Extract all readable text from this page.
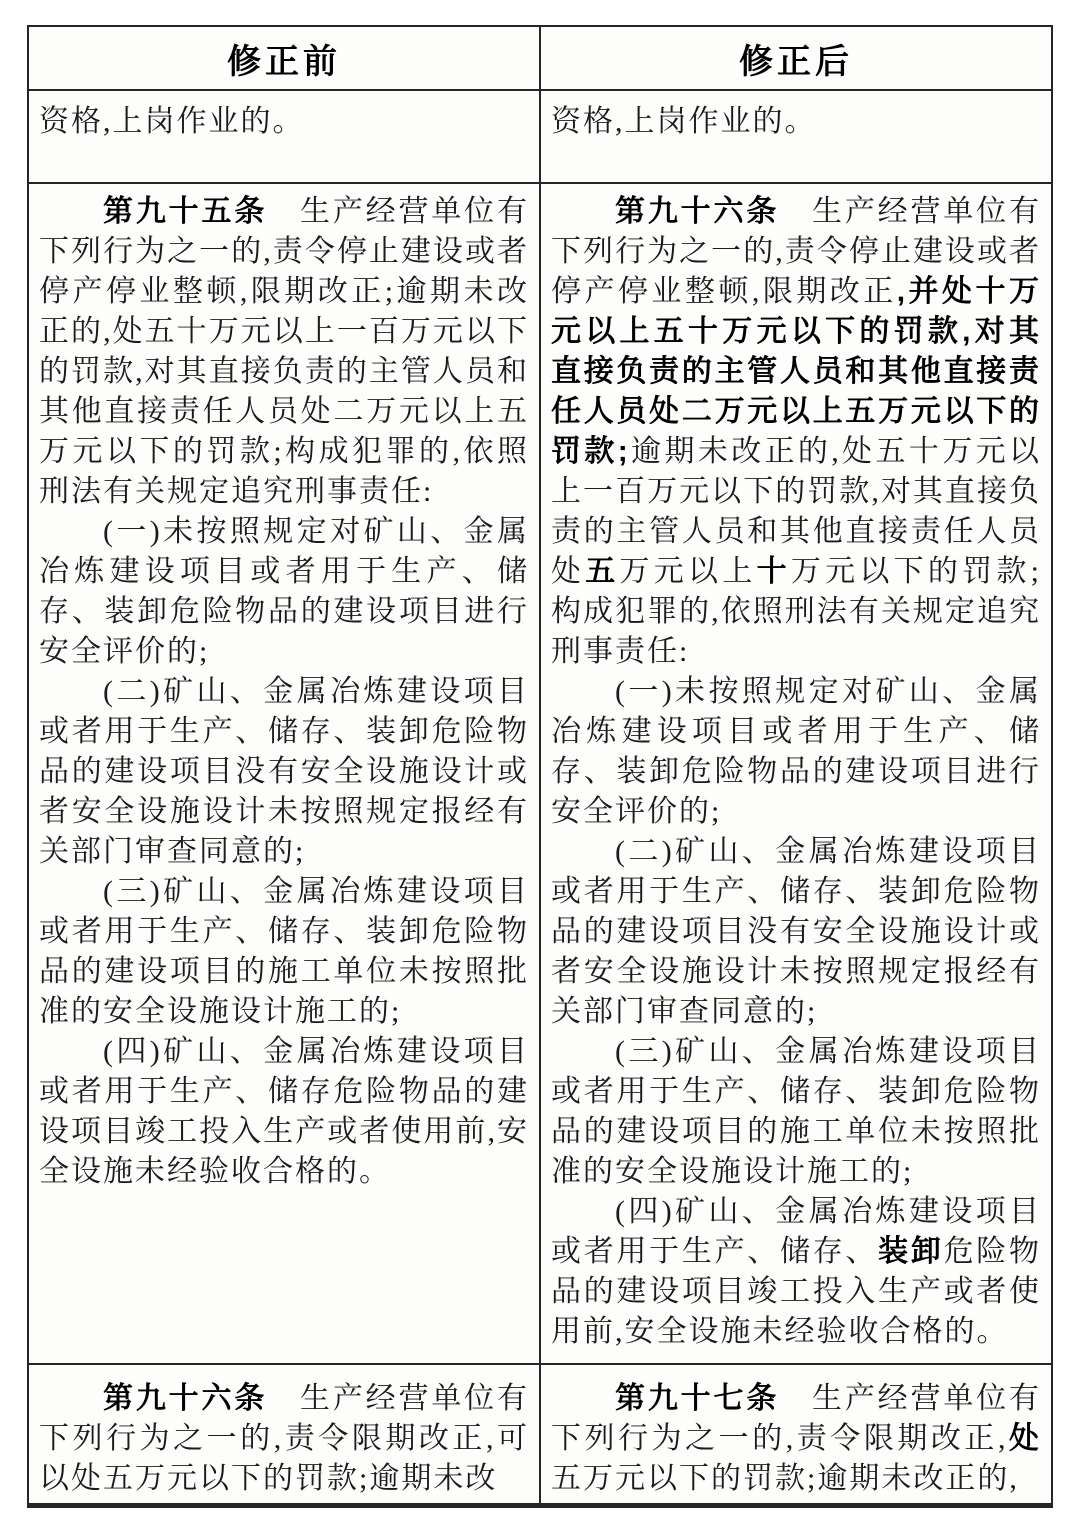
修正前	修正后

资格,上岗作业的。	资格,上岗作业的。

第九十五条　生产经营单位有下列行为之一的,责令停止建设或者停产停业整顿,限期改正;逾期未改正的,处五十万元以上一百万元以下的罚款,对其直接负责的主管人员和其他直接责任人员处二万元以上五万元以下的罚款;构成犯罪的,依照刑法有关规定追究刑事责任:

(一)未按照规定对矿山、金属冶炼建设项目或者用于生产、储存、装卸危险物品的建设项目进行安全评价的;

(二)矿山、金属冶炼建设项目或者用于生产、储存、装卸危险物品的建设项目没有安全设施设计或者安全设施设计未按照规定报经有关部门审查同意的;

(三)矿山、金属冶炼建设项目或者用于生产、储存、装卸危险物品的建设项目的施工单位未按照批准的安全设施设计施工的;

(四)矿山、金属冶炼建设项目或者用于生产、储存危险物品的建设项目竣工投入生产或者使用前,安全设施未经验收合格的。

第九十六条　生产经营单位有下列行为之一的,责令停止建设或者停产停业整顿,限期改正,并处十万元以上五十万元以下的罚款,对其直接负责的主管人员和其他直接责任人员处二万元以上五万元以下的罚款;逾期未改正的,处五十万元以上一百万元以下的罚款,对其直接负责的主管人员和其他直接责任人员处五万元以上十万元以下的罚款;构成犯罪的,依照刑法有关规定追究刑事责任:

(一)未按照规定对矿山、金属冶炼建设项目或者用于生产、储存、装卸危险物品的建设项目进行安全评价的;

(二)矿山、金属冶炼建设项目或者用于生产、储存、装卸危险物品的建设项目没有安全设施设计或者安全设施设计未按照规定报经有关部门审查同意的;

(三)矿山、金属冶炼建设项目或者用于生产、储存、装卸危险物品的建设项目的施工单位未按照批准的安全设施设计施工的;

(四)矿山、金属冶炼建设项目或者用于生产、储存、装卸危险物品的建设项目竣工投入生产或者使用前,安全设施未经验收合格的。

第九十六条　生产经营单位有下列行为之一的,责令限期改正,可以处五万元以下的罚款;逾期未改

第九十七条　生产经营单位有下列行为之一的,责令限期改正,处五万元以下的罚款;逾期未改正的,
